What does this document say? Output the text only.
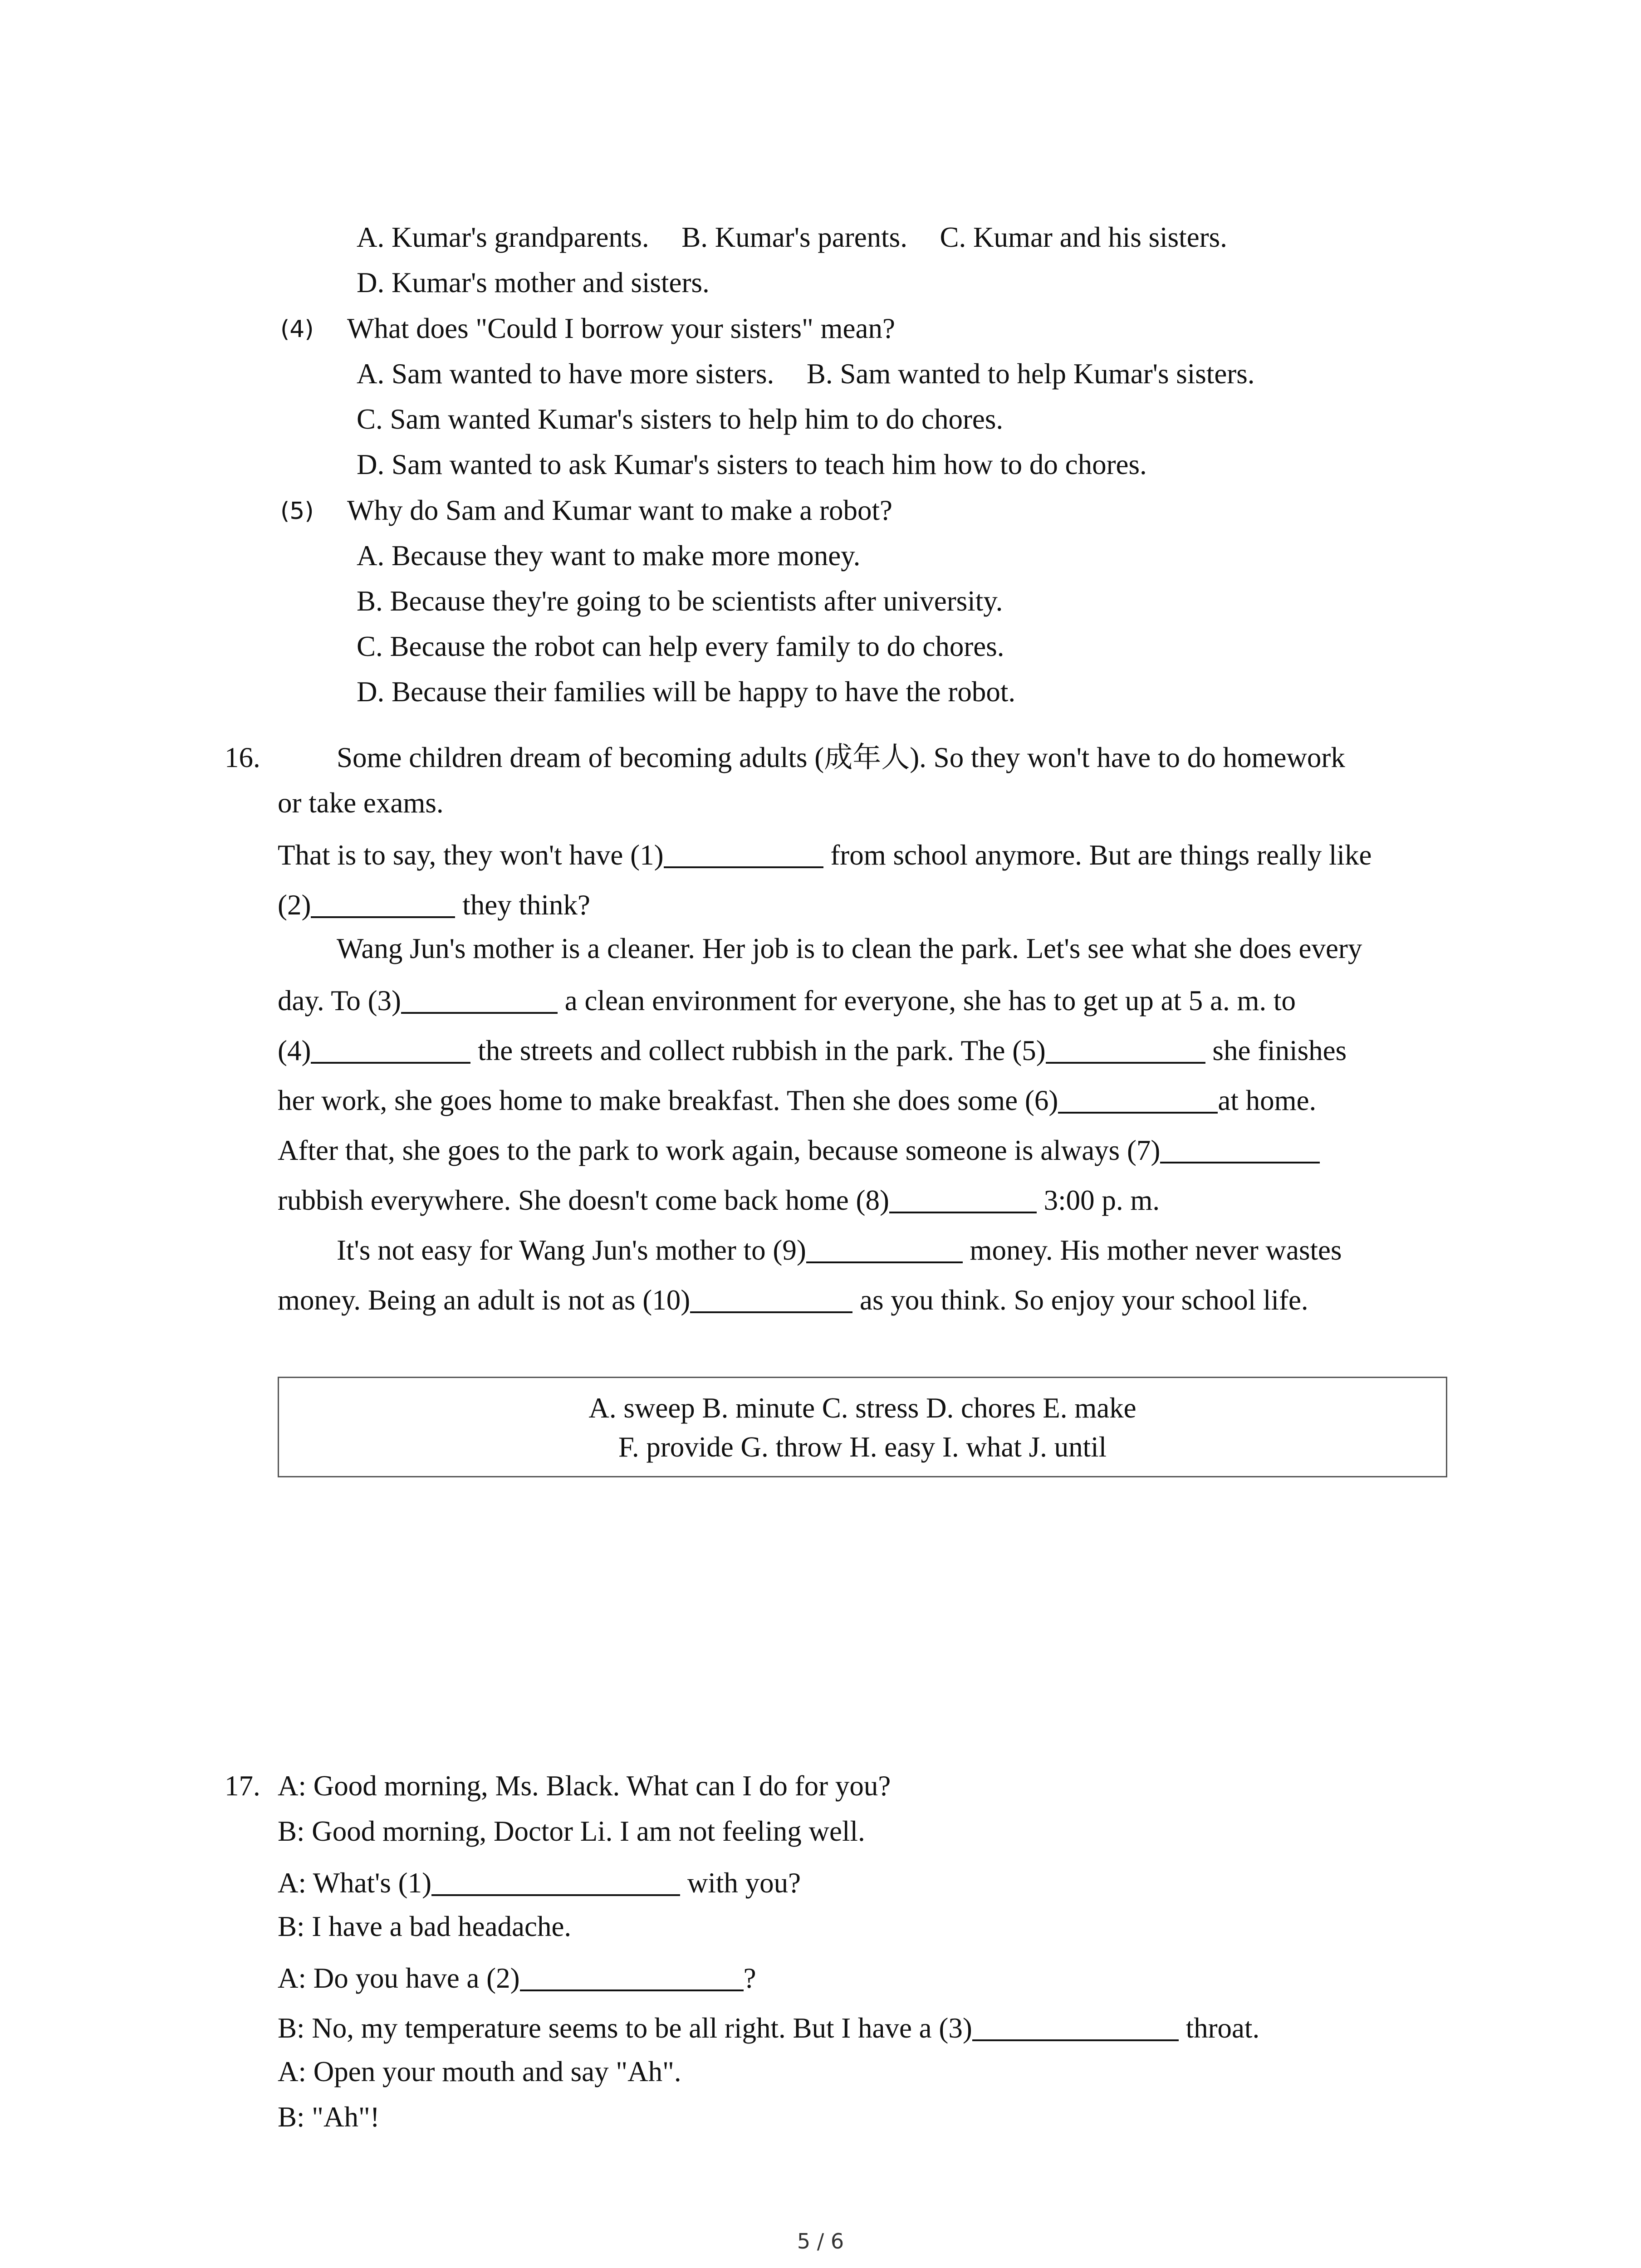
A. Kumar's grandparents. B. Kumar's parents. C. Kumar and his sisters.
D. Kumar's mother and sisters.
(4) What does "Could I borrow your sisters" mean?
A. Sam wanted to have more sisters. B. Sam wanted to help Kumar's sisters.
C. Sam wanted Kumar's sisters to help him to do chores.
D. Sam wanted to ask Kumar's sisters to teach him how to do chores.
(5) Why do Sam and Kumar want to make a robot?
A. Because they want to make more money.
B. Because they're going to be scientists after university.
C. Because the robot can help every family to do chores.
D. Because their families will be happy to have the robot.
16.	Some children dream of becoming adults (成年人). So they won't have to do homework
or take exams.
That is to say, they won't have (1)	from school anymore. But are things really like
(2)	they think?
Wang Jun's mother is a cleaner. Her job is to clean the park. Let's see what she does every
day. To (3)	a clean environment for everyone, she has to get up at 5 a. m. to
(4)	the streets and collect rubbish in the park. The (5)	she finishes
her work, she goes home to make breakfast. Then she does some (6)	at home.
After that, she goes to the park to work again, because someone is always (7)
rubbish everywhere. She doesn't come back home (8)	3:00 p. m.
It's not easy for Wang Jun's mother to (9)	money. His mother never wastes
money. Being an adult is not as (10)	as you think. So enjoy your school life.
A. sweep B. minute C. stress D. chores E. make
F. provide G. throw H. easy I. what J. until
17. A: Good morning, Ms. Black. What can I do for you?
B: Good morning, Doctor Li. I am not feeling well.
A: What's (1)	with you?
B: I have a bad headache.
A: Do you have a (2)	?
B: No, my temperature seems to be all right. But I have a (3)	throat.
A: Open your mouth and say "Ah".
B: "Ah"!
5 / 6
